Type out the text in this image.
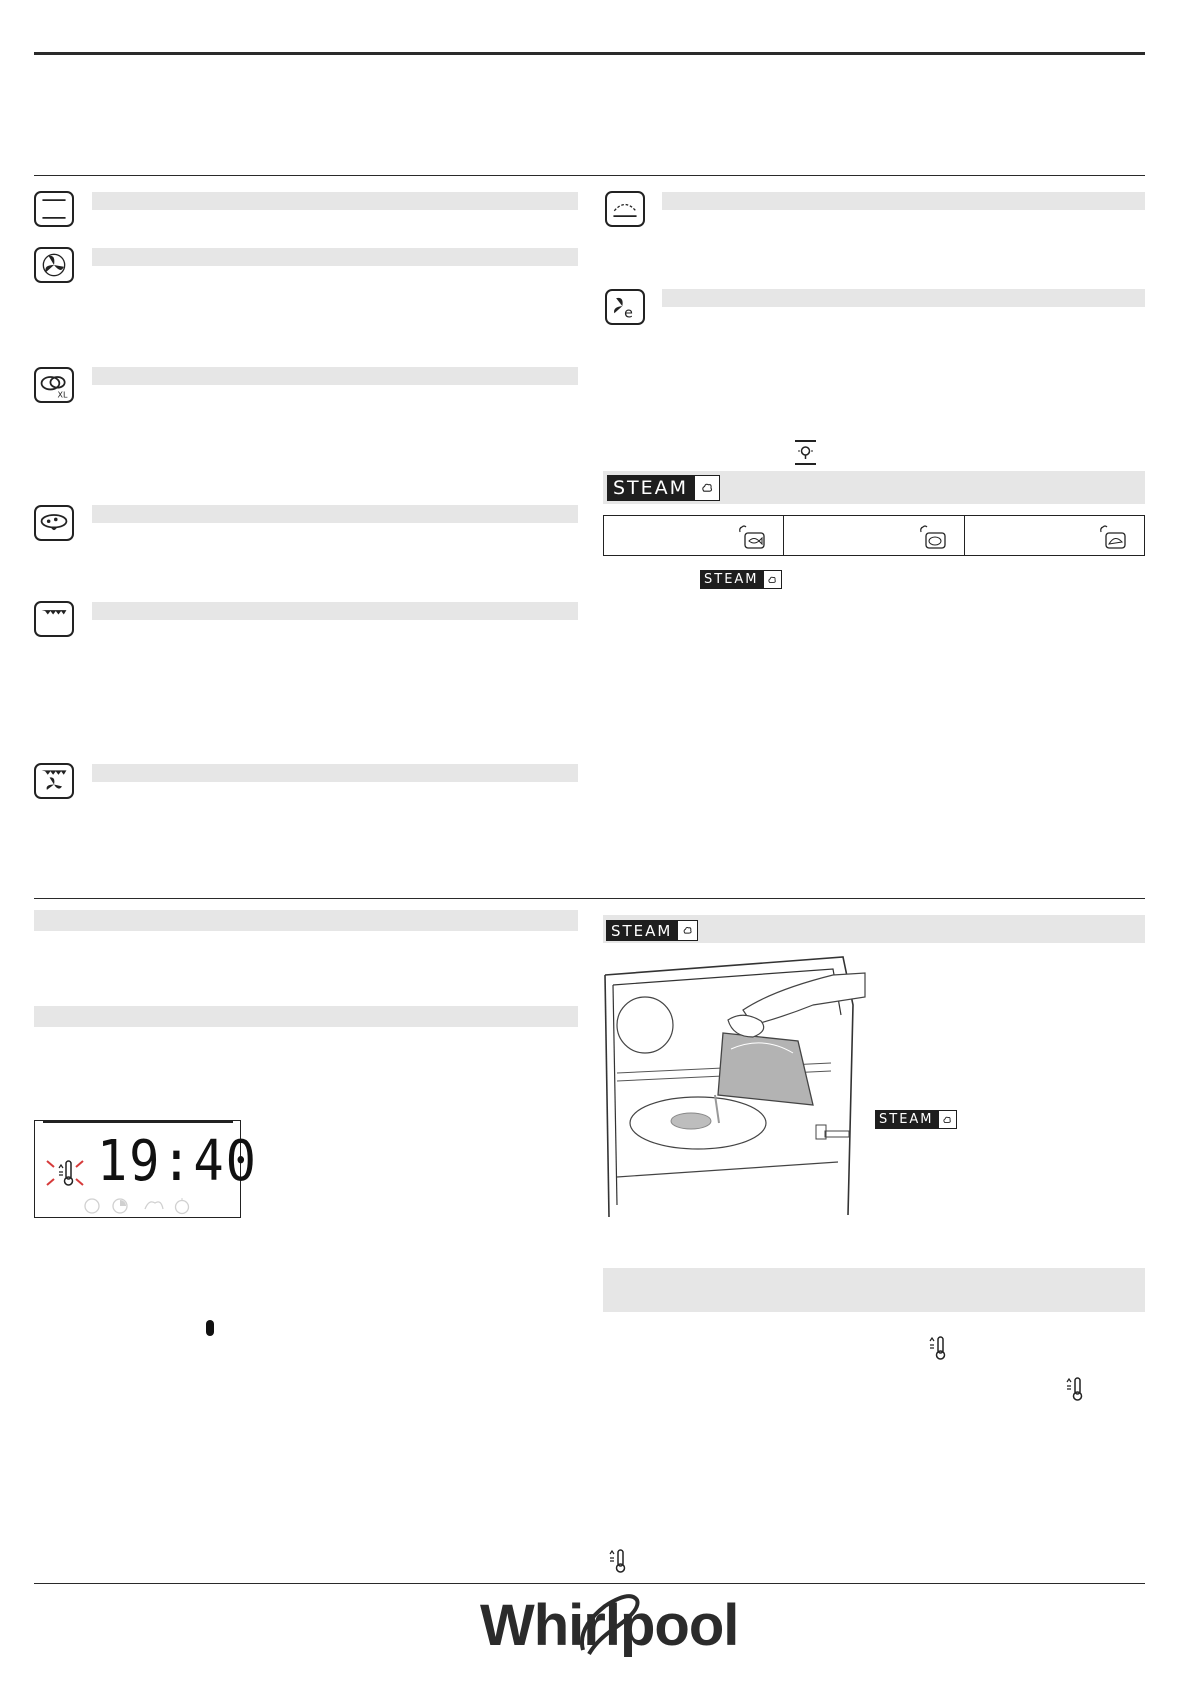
XL
e
STEAM
STEAM
19:40
STEAM
STEAM
Whirlpool
